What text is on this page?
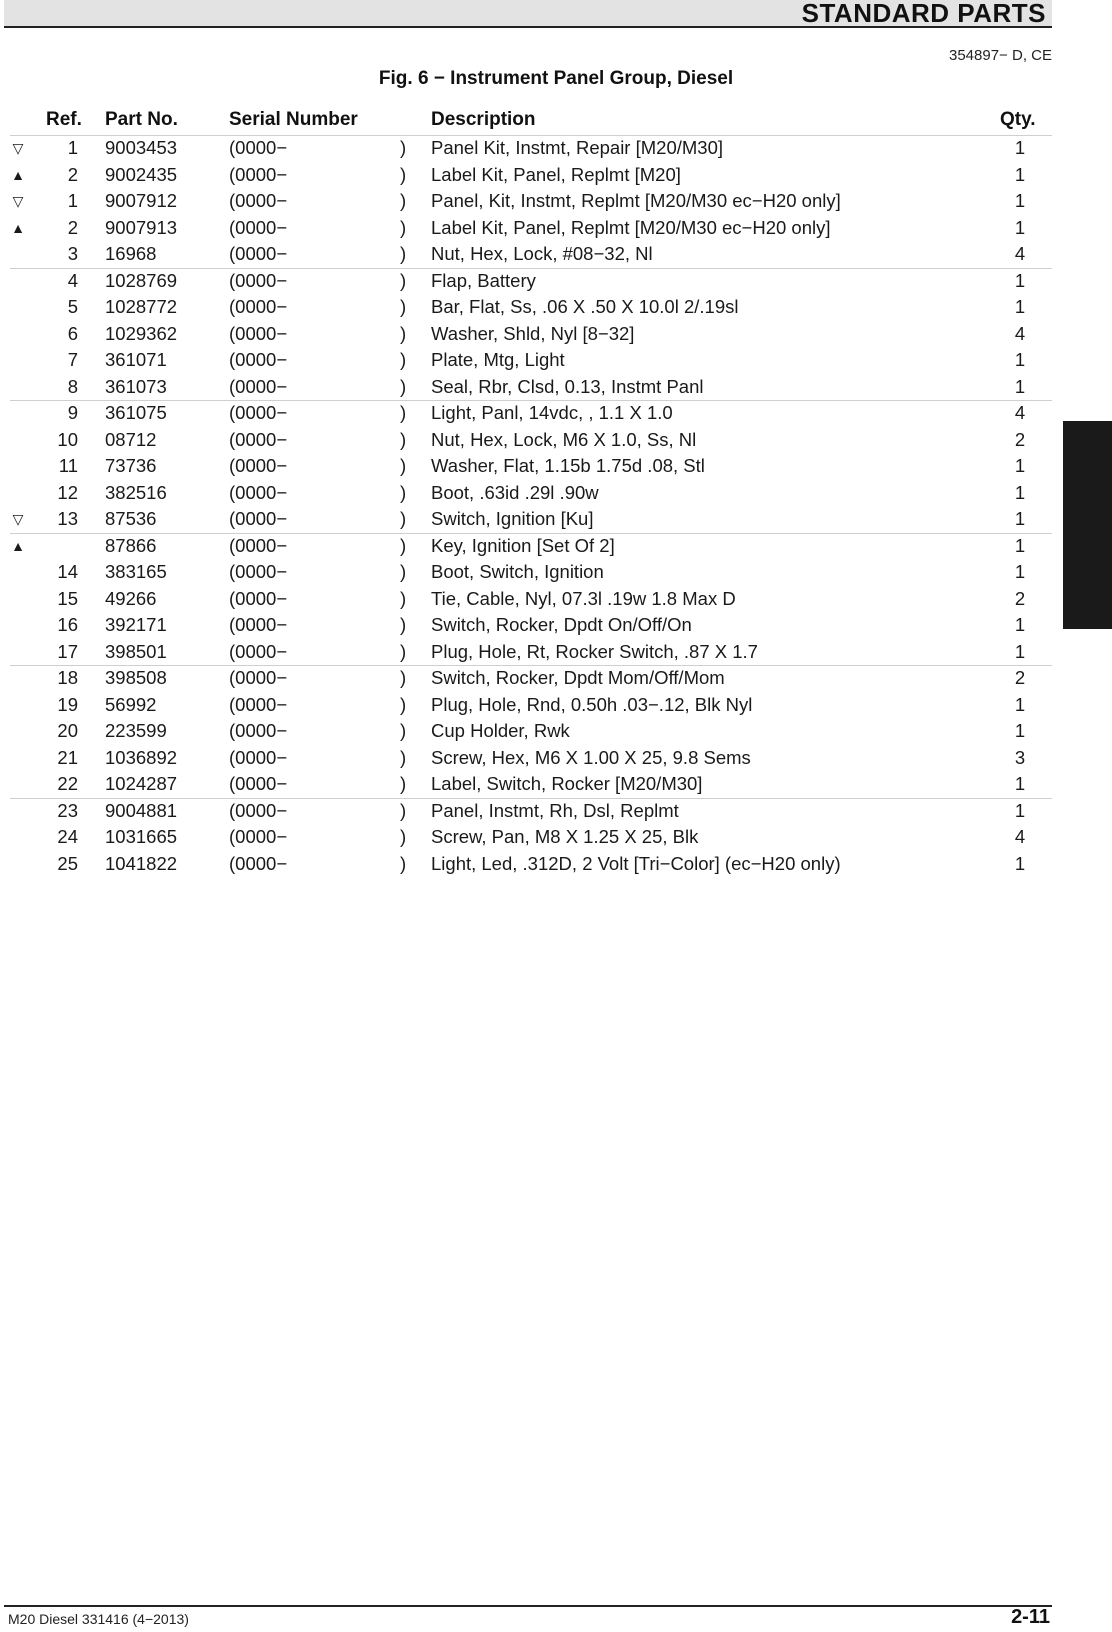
STANDARD PARTS
354897− D, CE
Fig. 6 − Instrument Panel Group, Diesel
Ref. Part No.	Serial Number	Description	Qty.
▽	1 9003453	(0000−	) Panel Kit, Instmt, Repair [M20/M30]	1
▲	2 9002435	(0000−	) Label Kit, Panel, Replmt [M20]	1
▽	1 9007912	(0000−	) Panel, Kit, Instmt, Replmt [M20/M30 ec−H20 only]	1
▲	2 9007913	(0000−	) Label Kit, Panel, Replmt [M20/M30 ec−H20 only]	1
3 16968	(0000−	) Nut, Hex, Lock, #08−32, Nl	4
4 1028769	(0000−	) Flap, Battery	1
5 1028772	(0000−	) Bar, Flat, Ss, .06 X .50 X 10.0l 2/.19sl	1
6 1029362	(0000−	) Washer, Shld, Nyl [8−32]	4
7 361071	(0000−	) Plate, Mtg, Light	1
8 361073	(0000−	) Seal, Rbr, Clsd, 0.13, Instmt Panl	1
9 361075	(0000−	) Light, Panl, 14vdc, , 1.1 X 1.0	4
10 08712	(0000−	) Nut, Hex, Lock, M6 X 1.0, Ss, Nl	2
11 73736	(0000−	) Washer, Flat, 1.15b 1.75d .08, Stl	1
12 382516	(0000−	) Boot, .63id .29l .90w	1
▽	13 87536	(0000−	) Switch, Ignition [Ku]	1
▲	87866	(0000−	) Key, Ignition [Set Of 2]	1
14 383165	(0000−	) Boot, Switch, Ignition	1
15 49266	(0000−	) Tie, Cable, Nyl, 07.3l .19w 1.8 Max D	2
16 392171	(0000−	) Switch, Rocker, Dpdt On/Off/On	1
17 398501	(0000−	) Plug, Hole, Rt, Rocker Switch, .87 X 1.7	1
18 398508	(0000−	) Switch, Rocker, Dpdt Mom/Off/Mom	2
19 56992	(0000−	) Plug, Hole, Rnd, 0.50h .03−.12, Blk Nyl	1
20 223599	(0000−	) Cup Holder, Rwk	1
21 1036892	(0000−	) Screw, Hex, M6 X 1.00 X 25, 9.8 Sems	3
22 1024287	(0000−	) Label, Switch, Rocker [M20/M30]	1
23 9004881	(0000−	) Panel, Instmt, Rh, Dsl, Replmt	1
24 1031665	(0000−	) Screw, Pan, M8 X 1.25 X 25, Blk	4
25 1041822	(0000−	) Light, Led, .312D, 2 Volt [Tri−Color] (ec−H20 only)	1
M20 Diesel 331416 (4−2013)	2-11
